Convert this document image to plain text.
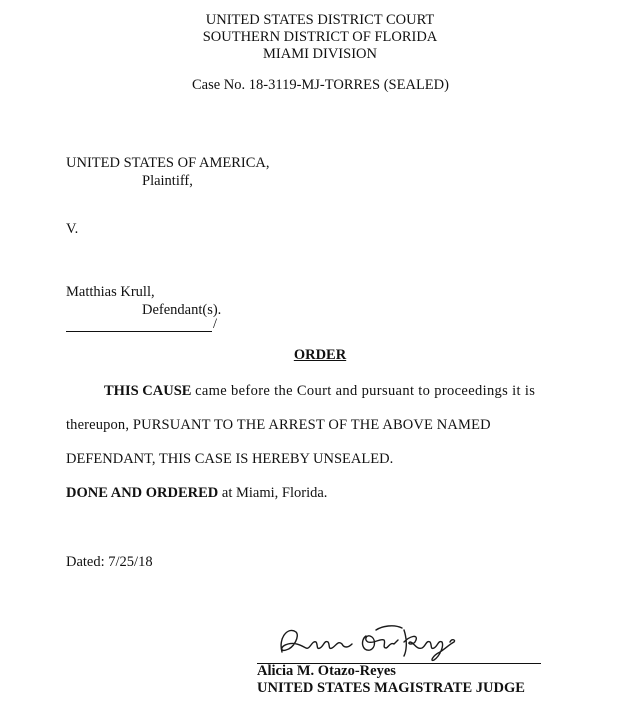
UNITED STATES DISTRICT COURT
SOUTHERN DISTRICT OF FLORIDA
MIAMI DIVISION
Case No. 18-3119-MJ-TORRES (SEALED)
UNITED STATES OF AMERICA,
Plaintiff,
V.
Matthias Krull,
Defendant(s).
/
ORDER
THIS CAUSE came before the Court and pursuant to proceedings it is
thereupon, PURSUANT TO THE ARREST OF THE ABOVE NAMED
DEFENDANT, THIS CASE IS HEREBY UNSEALED.
DONE AND ORDERED at Miami, Florida.
Dated: 7/25/18
Alicia M. Otazo-Reyes
UNITED STATES MAGISTRATE JUDGE
